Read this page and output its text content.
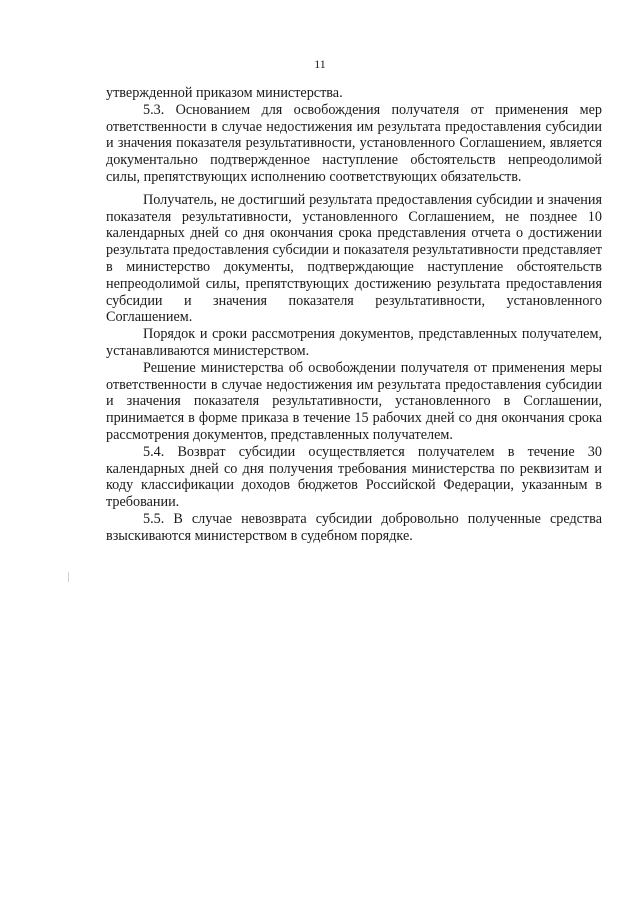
11

утвержденной приказом министерства.

5.3. Основанием для освобождения получателя от применения мер ответственности в случае недостижения им результата предоставления субсидии и значения показателя результативности, установленного Соглашением, является документально подтвержденное наступление обстоятельств непреодолимой силы, препятствующих исполнению соответствующих обязательств.

Получатель, не достигший результата предоставления субсидии и значения показателя результативности, установленного Соглашением, не позднее 10 календарных дней со дня окончания срока представления отчета о достижении результата предоставления субсидии и показателя результативности представляет в министерство документы, подтверждающие наступление обстоятельств непреодолимой силы, препятствующих достижению результата предоставления субсидии и значения показателя результативности, установленного Соглашением.

Порядок и сроки рассмотрения документов, представленных получателем, устанавливаются министерством.

Решение министерства об освобождении получателя от применения меры ответственности в случае недостижения им результата предоставления субсидии и значения показателя результативности, установленного в Соглашении, принимается в форме приказа в течение 15 рабочих дней со дня окончания срока рассмотрения документов, представленных получателем.

5.4. Возврат субсидии осуществляется получателем в течение 30 календарных дней со дня получения требования министерства по реквизитам и коду классификации доходов бюджетов Российской Федерации, указанным в требовании.

5.5. В случае невозврата субсидии добровольно полученные средства взыскиваются министерством в судебном порядке.
